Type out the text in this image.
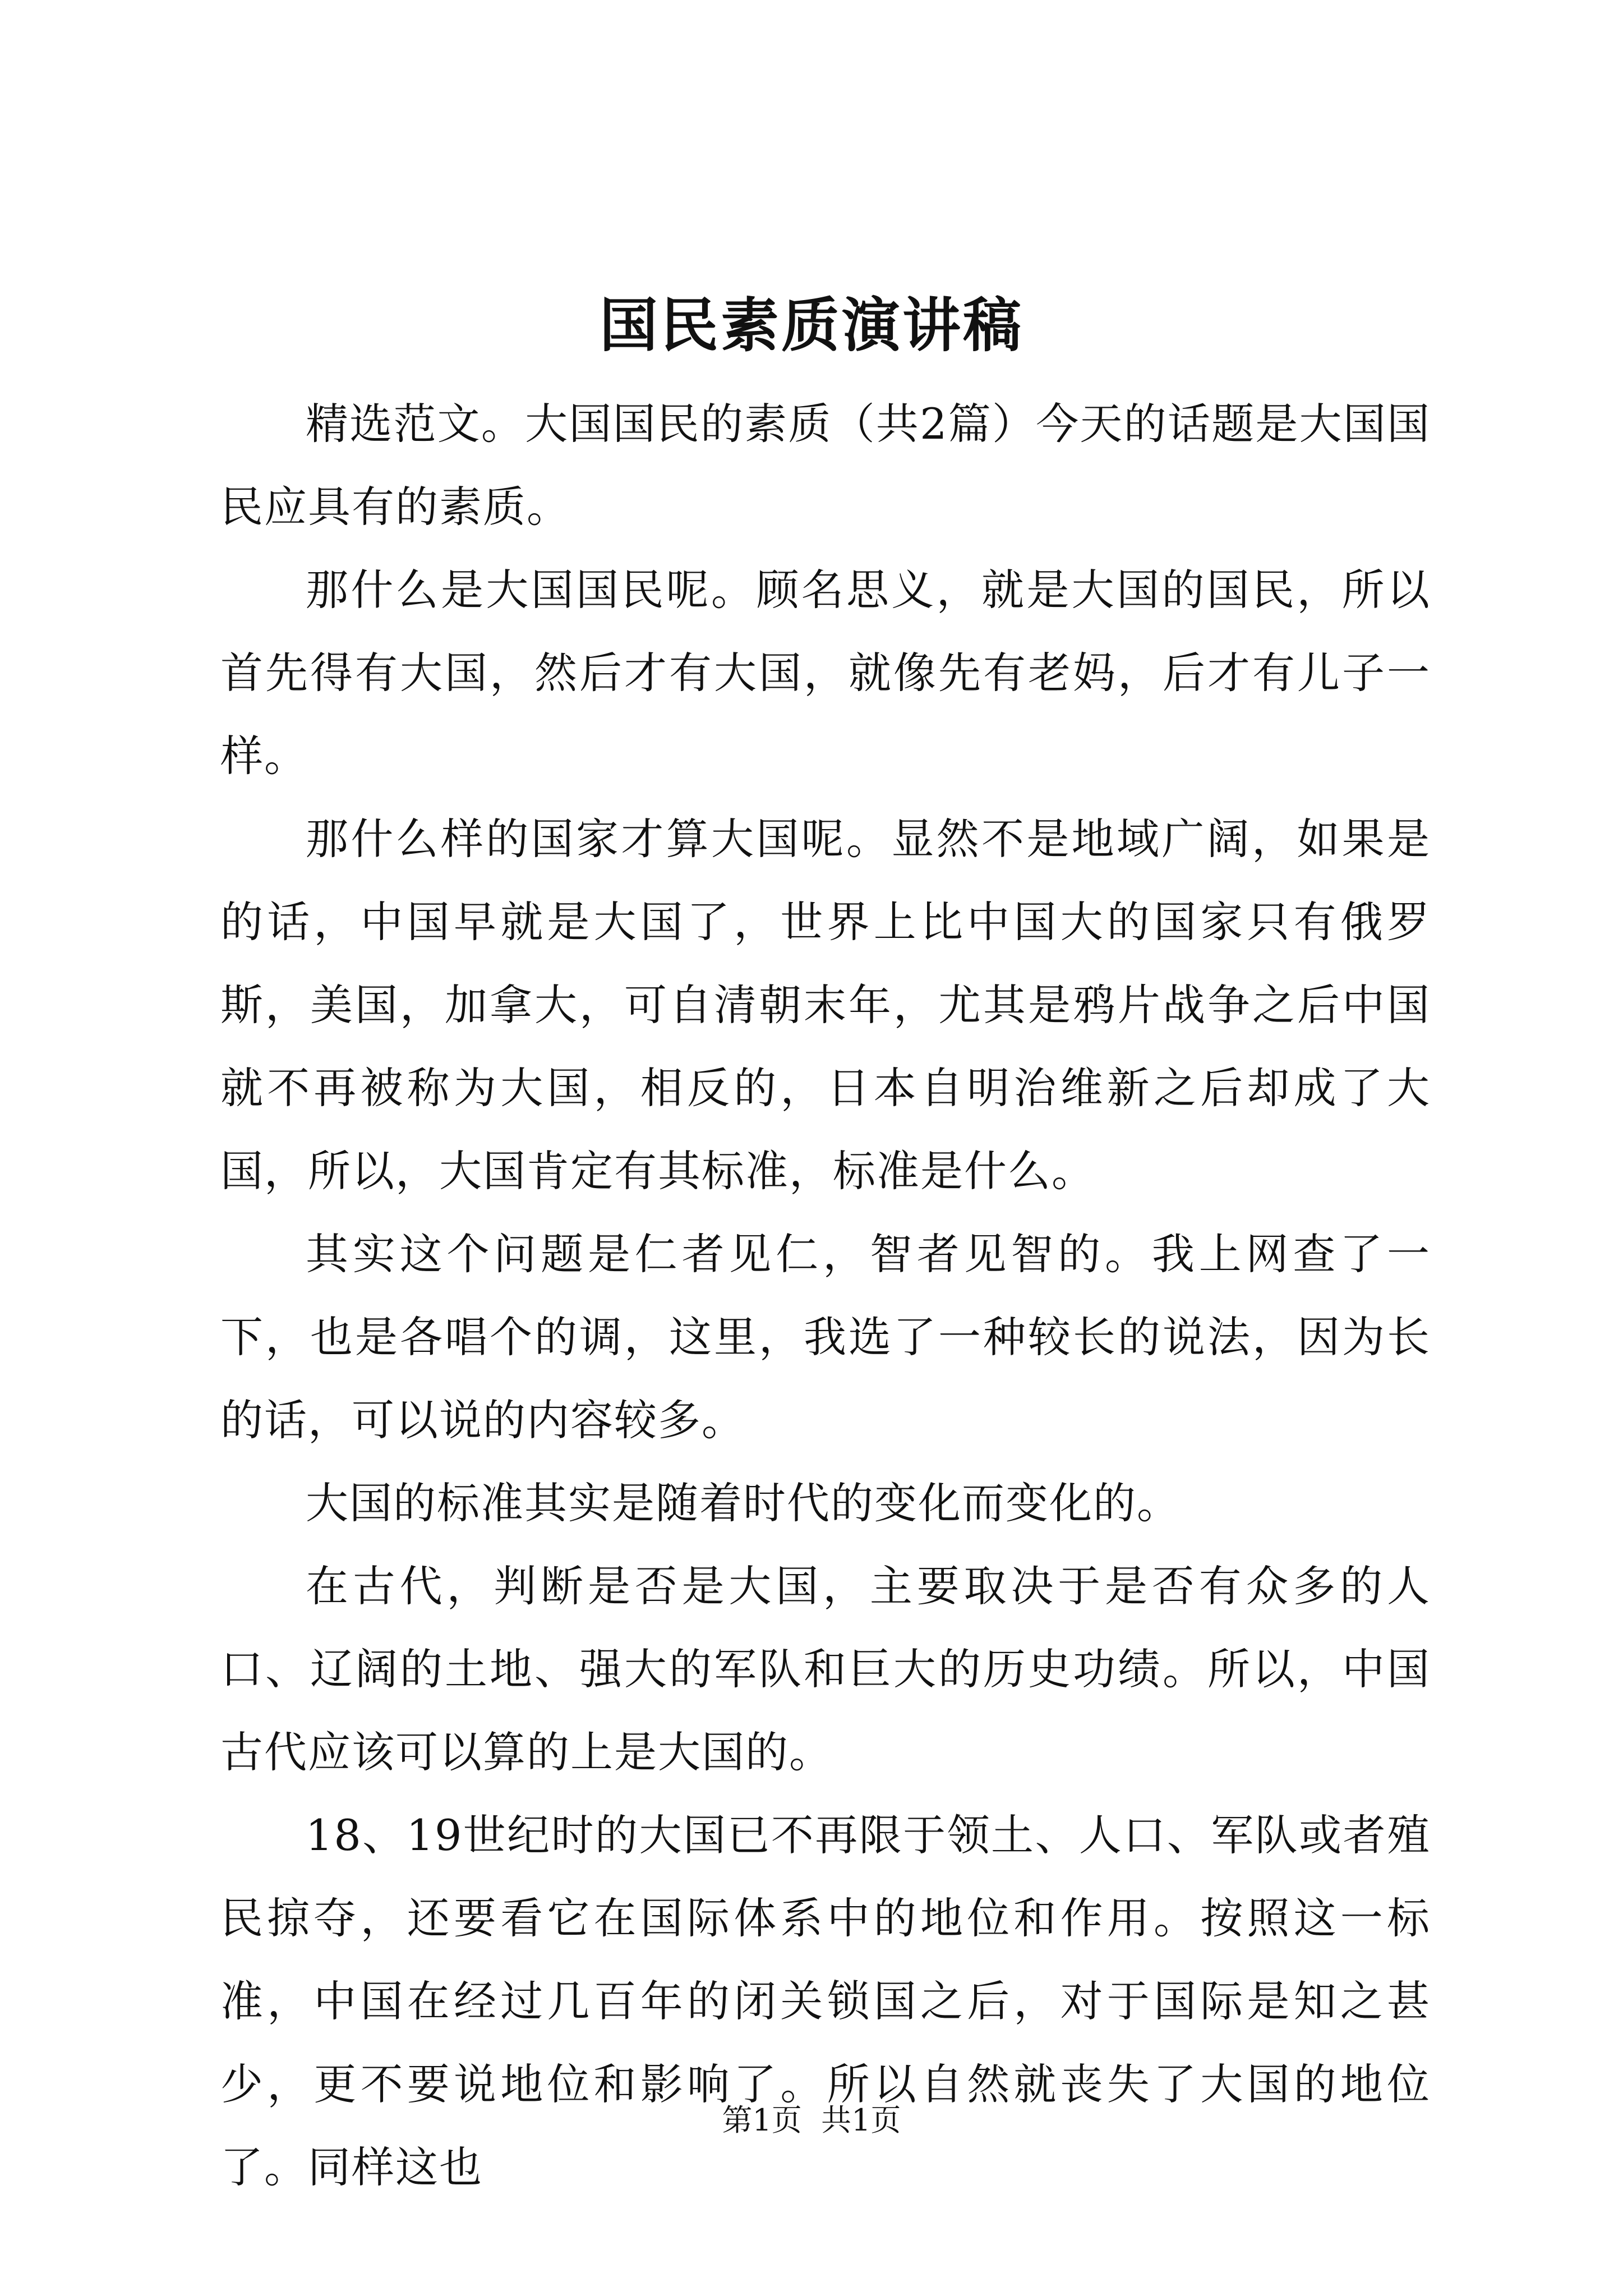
国民素质演讲稿

精选范文。大国国民的素质（共2篇）今天的话题是大国国民应具有的素质。

那什么是大国国民呢。顾名思义，就是大国的国民，所以首先得有大国，然后才有大国，就像先有老妈，后才有儿子一样。

那什么样的国家才算大国呢。显然不是地域广阔，如果是的话，中国早就是大国了，世界上比中国大的国家只有俄罗斯，美国，加拿大，可自清朝末年，尤其是鸦片战争之后中国就不再被称为大国，相反的，日本自明治维新之后却成了大国，所以，大国肯定有其标准，标准是什么。

其实这个问题是仁者见仁，智者见智的。我上网查了一下，也是各唱个的调，这里，我选了一种较长的说法，因为长的话，可以说的内容较多。

大国的标准其实是随着时代的变化而变化的。

在古代，判断是否是大国，主要取决于是否有众多的人口、辽阔的土地、强大的军队和巨大的历史功绩。所以，中国古代应该可以算的上是大国的。

18、19世纪时的大国已不再限于领土、人口、军队或者殖民掠夺，还要看它在国际体系中的地位和作用。按照这一标准，中国在经过几百年的闭关锁国之后，对于国际是知之甚少，更不要说地位和影响了。所以自然就丧失了大国的地位了。同样这也

第1页  共1页
